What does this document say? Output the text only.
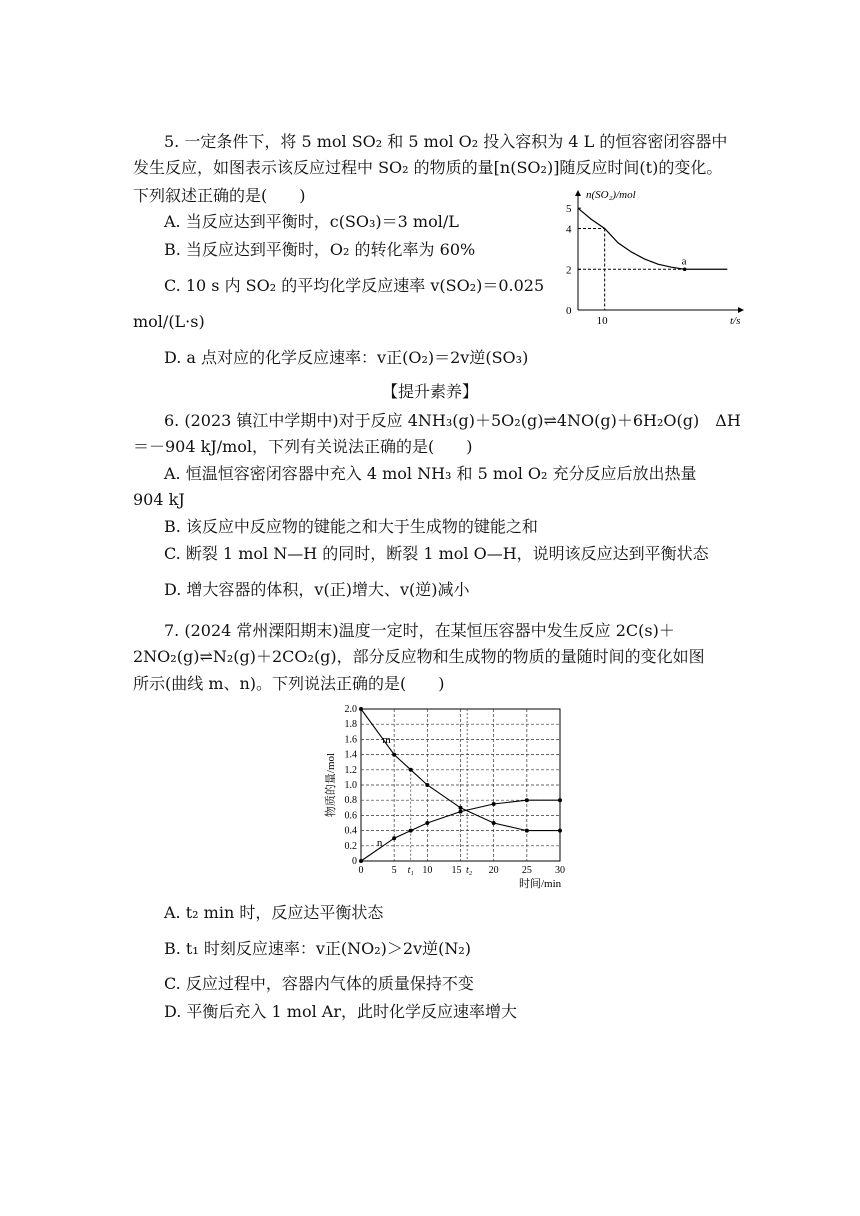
5. 一定条件下，将 5 mol SO₂ 和 5 mol O₂ 投入容积为 4 L 的恒容密闭容器中
发生反应，如图表示该反应过程中 SO₂ 的物质的量[n(SO₂)]随反应时间(t)的变化。
下列叙述正确的是(　　)
A. 当反应达到平衡时，c(SO₃)＝3 mol/L
B. 当反应达到平衡时，O₂ 的转化率为 60%
C. 10 s 内 SO₂ 的平均化学反应速率 v(SO₂)＝0.025
mol/(L·s)
D. a 点对应的化学反应速率：v正(O₂)＝2v逆(SO₃)
n(SO₂)/mol
t/s
0
10
2
4
5
a
【提升素养】
6. (2023 镇江中学期中)对于反应 4NH₃(g)＋5O₂(g)⇌4NO(g)＋6H₂O(g)　ΔH
＝－904 kJ/mol，下列有关说法正确的是(　　)
A. 恒温恒容密闭容器中充入 4 mol NH₃ 和 5 mol O₂ 充分反应后放出热量
904 kJ
B. 该反应中反应物的键能之和大于生成物的键能之和
C. 断裂 1 mol N—H 的同时，断裂 1 mol O—H，说明该反应达到平衡状态
D. 增大容器的体积，v(正)增大、v(逆)减小
7. (2024 常州溧阳期末)温度一定时，在某恒压容器中发生反应 2C(s)＋
2NO₂(g)⇌N₂(g)＋2CO₂(g)，部分反应物和生成物的物质的量随时间的变化如图
所示(曲线 m、n)。下列说法正确的是(　　)
0
0.2
0.4
0.6
0.8
1.0
1.2
1.4
1.6
1.8
2.0
0	5 t₁ 10 15 t₂ 20 25 30
时间/min
物质的量/mol
m
n
A. t₂ min 时，反应达平衡状态
B. t₁ 时刻反应速率：v正(NO₂)＞2v逆(N₂)
C. 反应过程中，容器内气体的质量保持不变
D. 平衡后充入 1 mol Ar，此时化学反应速率增大
